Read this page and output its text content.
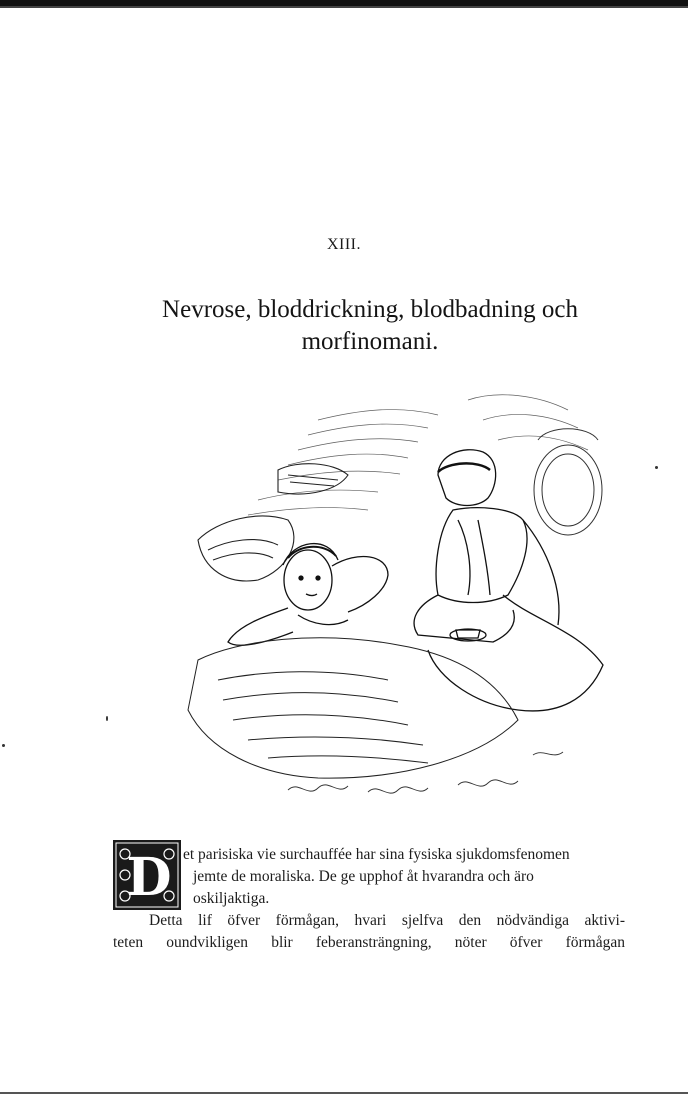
XIII.
Nevrose, bloddrickning, blodbadning och
morfinomani.
D et parisiska vie surchauffée har sina fysiska sjukdomsfenomen
jemte de moraliska. De ge upphof åt hvarandra och äro
oskiljaktiga.
Detta lif öfver förmågan, hvari sjelfva den nödvändiga aktivi-
teten oundvikligen blir feberansträngning, nöter öfver förmågan
